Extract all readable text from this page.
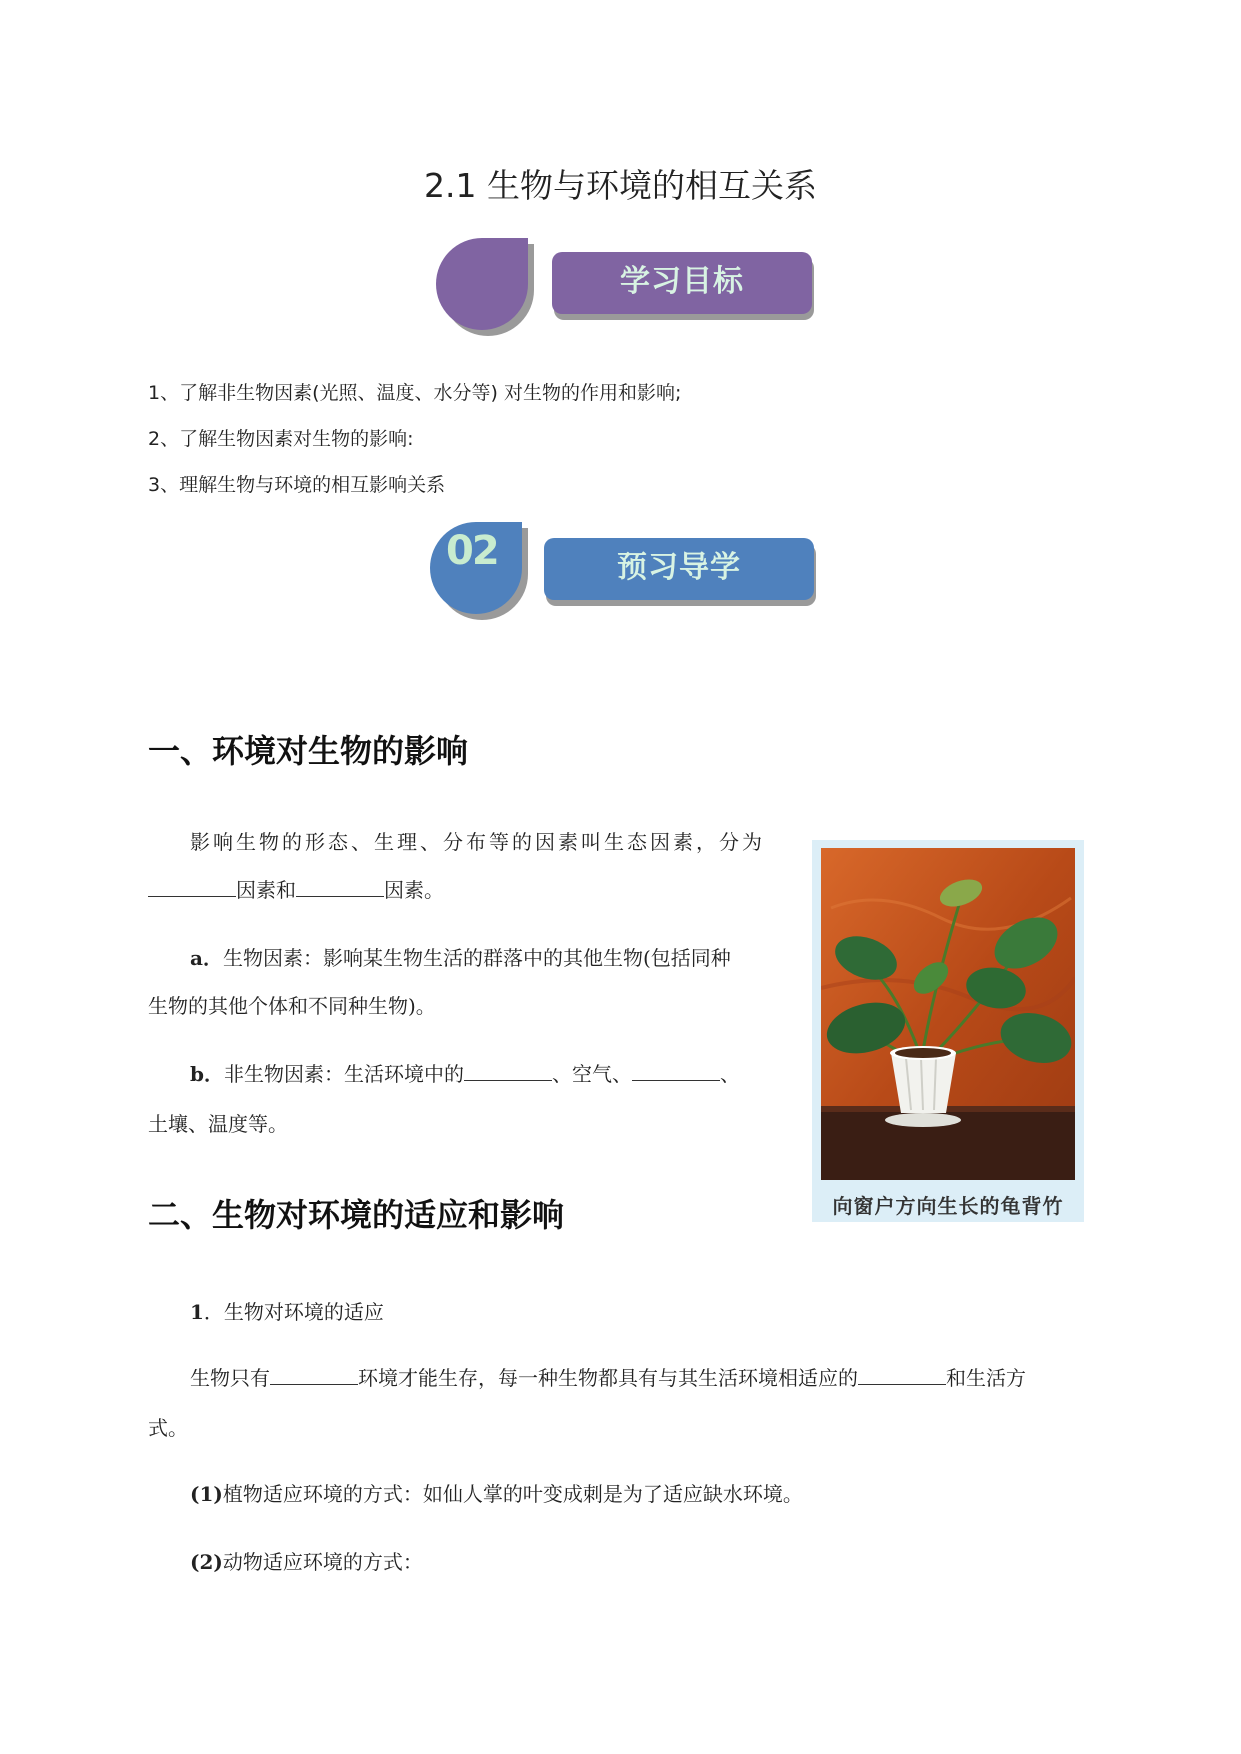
2.1 生物与环境的相互关系
学习目标
1、了解非生物因素(光照、温度、水分等) 对生物的作用和影响;
2、了解生物因素对生物的影响:
3、理解生物与环境的相互影响关系
02	预习导学
一、环境对生物的影响
影响生物的形态、生理、分布等的因素叫生态因素，分为
因素和	因素。
a．生物因素：影响某生物生活的群落中的其他生物(包括同种
生物的其他个体和不同种生物)。
b．非生物因素：生活环境中的	、空气、	、
土壤、温度等。
向窗户方向生长的龟背竹
二、生物对环境的适应和影响
1．生物对环境的适应
生物只有	环境才能生存，每一种生物都具有与其生活环境相适应的	和生活方
式。
(1)植物适应环境的方式：如仙人掌的叶变成刺是为了适应缺水环境。
(2)动物适应环境的方式：
